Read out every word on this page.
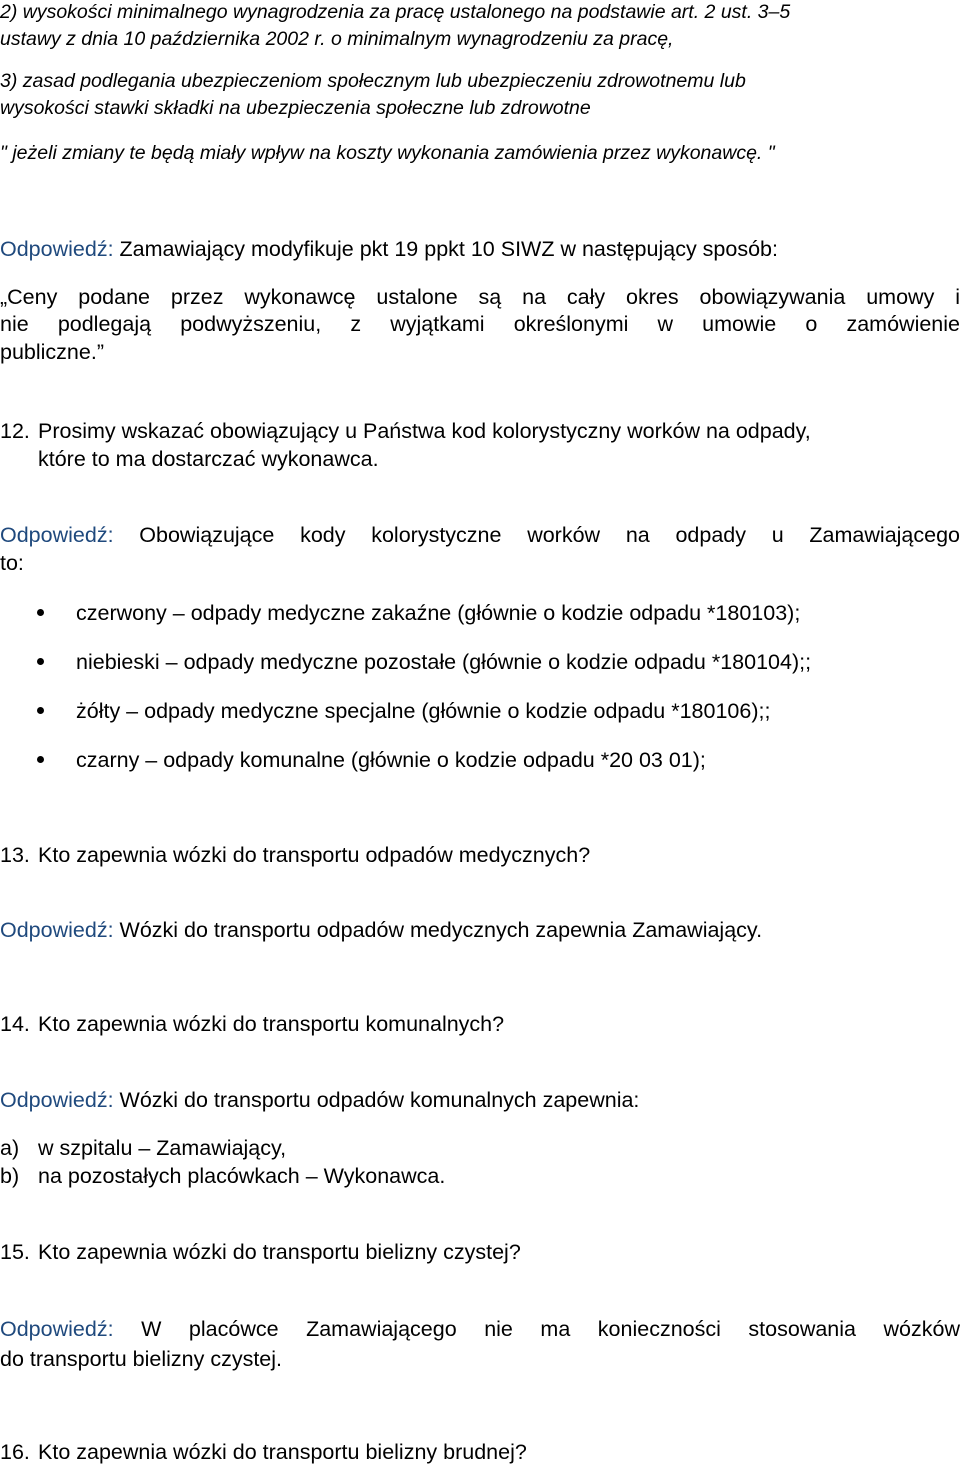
2) wysokości minimalnego wynagrodzenia za pracę ustalonego na podstawie art. 2 ust. 3–5
ustawy z dnia 10 października 2002 r. o minimalnym wynagrodzeniu za pracę,
3) zasad podlegania ubezpieczeniom społecznym lub ubezpieczeniu zdrowotnemu lub
wysokości stawki składki na ubezpieczenia społeczne lub zdrowotne
" jeżeli zmiany te będą miały wpływ na koszty wykonania zamówienia przez wykonawcę. "
Odpowiedź: Zamawiający modyfikuje pkt 19 ppkt 10 SIWZ w następujący sposób:
„Ceny podane przez wykonawcę ustalone są na cały okres obowiązywania umowy i
nie podlegają podwyższeniu, z wyjątkami określonymi w umowie o zamówienie
publiczne.”
12. Prosimy wskazać obowiązujący u Państwa kod kolorystyczny worków na odpady,
które to ma dostarczać wykonawca.
Odpowiedź: Obowiązujące kody kolorystyczne worków na odpady u Zamawiającego
to:
czerwony – odpady medyczne zakaźne (głównie o kodzie odpadu *180103);
niebieski – odpady medyczne pozostałe (głównie o kodzie odpadu *180104);;
żółty – odpady medyczne specjalne (głównie o kodzie odpadu *180106);;
czarny – odpady komunalne (głównie o kodzie odpadu *20 03 01);
13. Kto zapewnia wózki do transportu odpadów medycznych?
Odpowiedź: Wózki do transportu odpadów medycznych zapewnia Zamawiający.
14. Kto zapewnia wózki do transportu komunalnych?
Odpowiedź: Wózki do transportu odpadów komunalnych zapewnia:
a) w szpitalu – Zamawiający,
b) na pozostałych placówkach – Wykonawca.
15. Kto zapewnia wózki do transportu bielizny czystej?
Odpowiedź: W placówce Zamawiającego nie ma konieczności stosowania wózków
do transportu bielizny czystej.
16. Kto zapewnia wózki do transportu bielizny brudnej?
